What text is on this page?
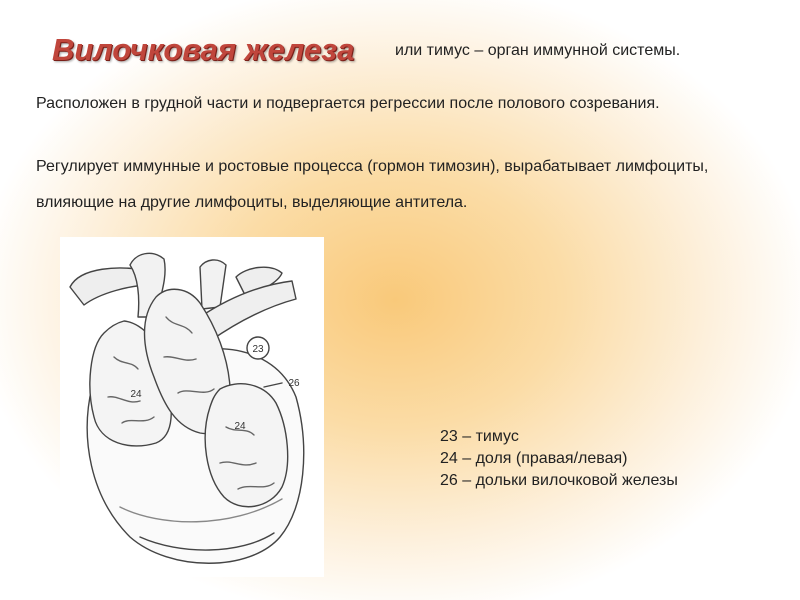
Вилочковая железа	или тимус – орган иммунной системы.
Расположен в грудной части и подвергается регрессии после полового созревания.
Регулирует иммунные и ростовые процесса (гормон тимозин), вырабатывает лимфоциты, влияющие на другие лимфоциты, выделяющие антитела.
23
24
24
26
23 – тимус
24 – доля (правая/левая)
26 – дольки вилочковой железы
